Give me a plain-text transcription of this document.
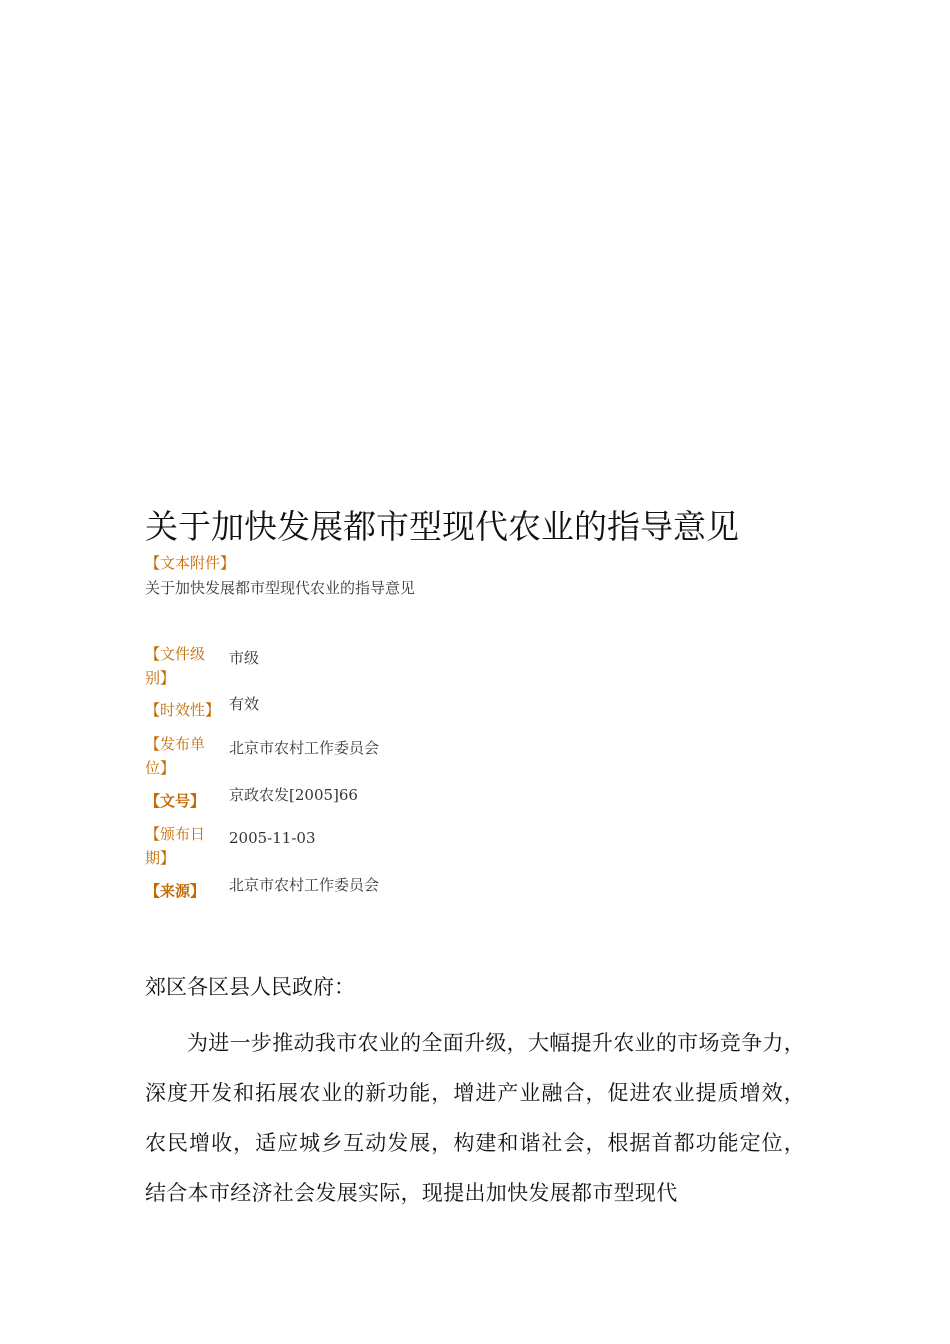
关于加快发展都市型现代农业的指导意见
【文本附件】
关于加快发展都市型现代农业的指导意见
【文件级别】
市级
【时效性】 有效
【发布单位】
北京市农村工作委员会
【文号】	京政农发[2005]66
【颁布日期】
2005-11-03
【来源】	北京市农村工作委员会
郊区各区县人民政府：
为进一步推动我市农业的全面升级，大幅提升农业的市场竞争力，深度开发和拓展农业的新功能，增进产业融合，促进农业提质增效，农民增收，适应城乡互动发展，构建和谐社会，根据首都功能定位，结合本市经济社会发展实际，现提出加快发展都市型现代
